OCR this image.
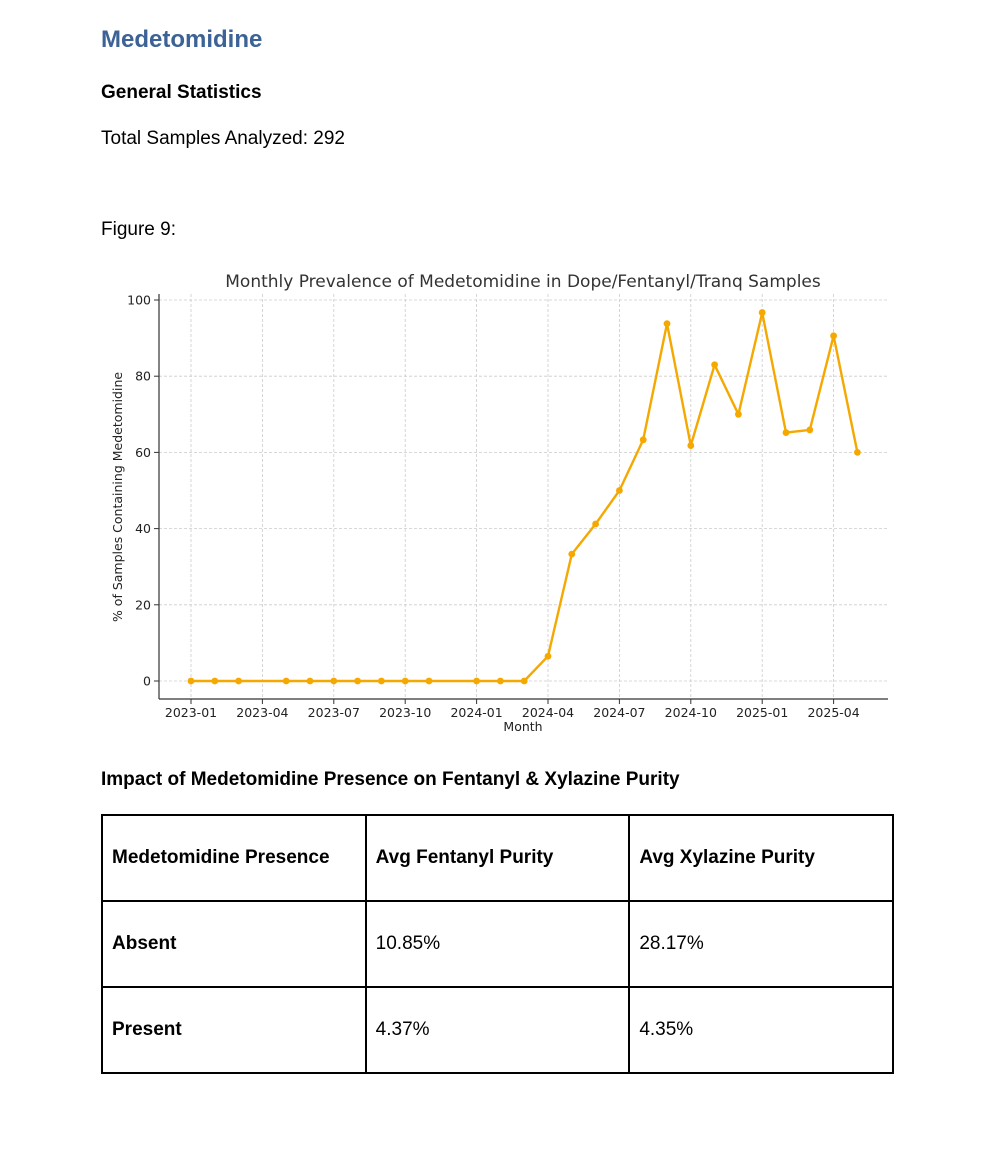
Medetomidine
General Statistics

Total Samples Analyzed: 292

Figure 9:

Monthly Prevalence of Medetomidine in Dope/Fentanyl/Tranq Samples
0
20
40
60
80
100
2023-01 2023-04 2023-07 2023-10 2024-01 2024-04 2024-07 2024-10 2025-01 2025-04
Month
% of Samples Containing Medetomidine
Impact of Medetomidine Presence on Fentanyl & Xylazine Purity
Medetomidine Presence	Avg Fentanyl Purity	Avg Xylazine Purity
Absent	10.85%	28.17%
Present	4.37%	4.35%
